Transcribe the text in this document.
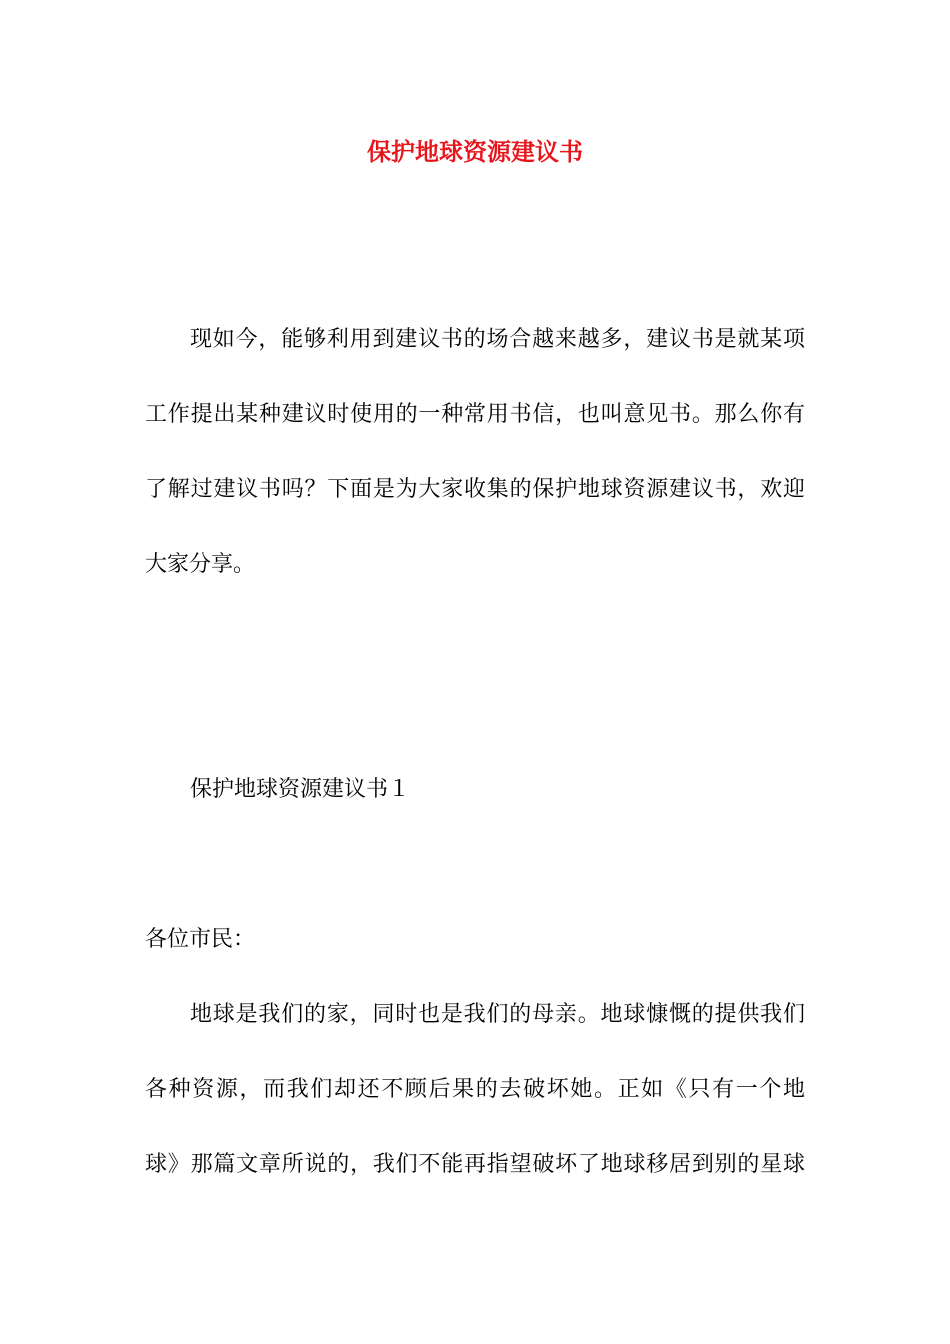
保护地球资源建议书
现如今，能够利用到建议书的场合越来越多，建议书是就某项
工作提出某种建议时使用的一种常用书信，也叫意见书。那么你有
了解过建议书吗？下面是为大家收集的保护地球资源建议书，欢迎
大家分享。
保护地球资源建议书１
各位市民：
地球是我们的家，同时也是我们的母亲。地球慷慨的提供我们
各种资源，而我们却还不顾后果的去破坏她。正如《只有一个地
球》那篇文章所说的，我们不能再指望破坏了地球移居到别的星球
